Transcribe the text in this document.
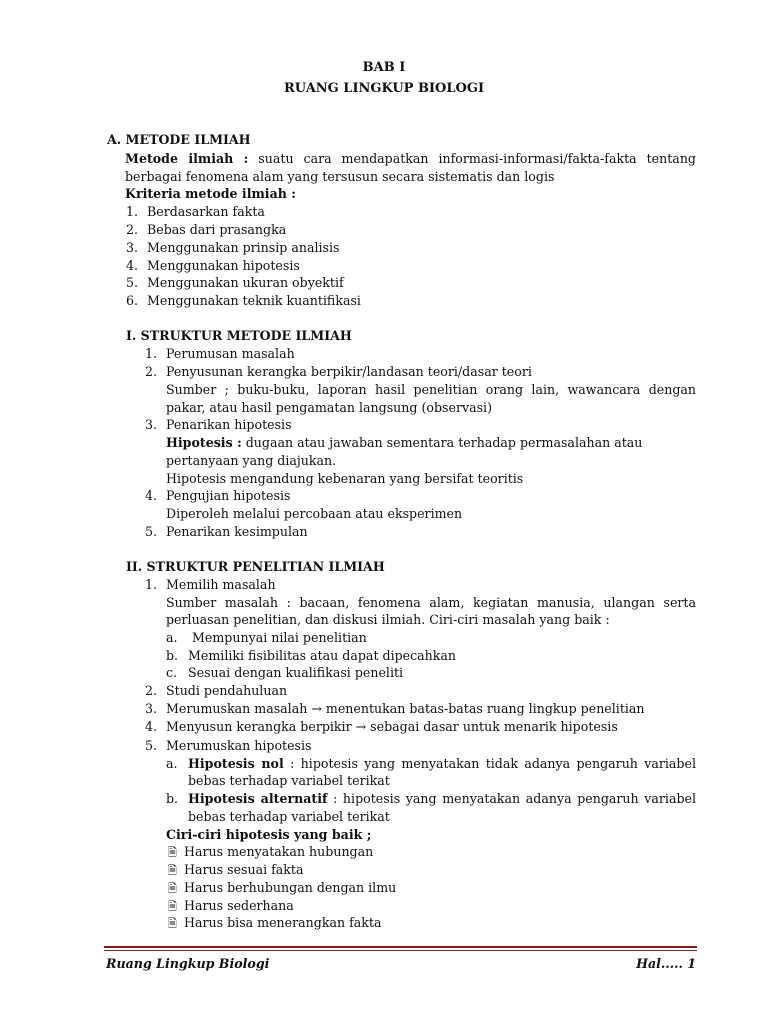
BAB I
RUANG LINGKUP BIOLOGI
A. METODE ILMIAH
Metode ilmiah : suatu cara mendapatkan informasi-informasi/fakta-fakta tentang
berbagai fenomena alam yang tersusun secara sistematis dan logis
Kriteria metode ilmiah :
1. Berdasarkan fakta
2. Bebas dari prasangka
3. Menggunakan prinsip analisis
4. Menggunakan hipotesis
5. Menggunakan ukuran obyektif
6. Menggunakan teknik kuantifikasi
I. STRUKTUR METODE ILMIAH
1. Perumusan masalah
2. Penyusunan kerangka berpikir/landasan teori/dasar teori
Sumber ; buku-buku, laporan hasil penelitian orang lain, wawancara dengan
pakar, atau hasil pengamatan langsung (observasi)
3. Penarikan hipotesis
Hipotesis : dugaan atau jawaban sementara terhadap permasalahan atau
pertanyaan yang diajukan.
Hipotesis mengandung kebenaran yang bersifat teoritis
4. Pengujian hipotesis
Diperoleh melalui percobaan atau eksperimen
5. Penarikan kesimpulan
II. STRUKTUR PENELITIAN ILMIAH
1. Memilih masalah
Sumber masalah : bacaan, fenomena alam, kegiatan manusia, ulangan serta
perluasan penelitian, dan diskusi ilmiah. Ciri-ciri masalah yang baik :
a. Mempunyai nilai penelitian
b. Memiliki fisibilitas atau dapat dipecahkan
c. Sesuai dengan kualifikasi peneliti
2. Studi pendahuluan
3. Merumuskan masalah → menentukan batas-batas ruang lingkup penelitian
4. Menyusun kerangka berpikir → sebagai dasar untuk menarik hipotesis
5. Merumuskan hipotesis
a. Hipotesis nol : hipotesis yang menyatakan tidak adanya pengaruh variabel
bebas terhadap variabel terikat
b. Hipotesis alternatif : hipotesis yang menyatakan adanya pengaruh variabel
bebas terhadap variabel terikat
Ciri-ciri hipotesis yang baik ;
🗎 Harus menyatakan hubungan
🗎 Harus sesuai fakta
🗎 Harus berhubungan dengan ilmu
🗎 Harus sederhana
🗎 Harus bisa menerangkan fakta
Ruang Lingkup Biologi	Hal..... 1
